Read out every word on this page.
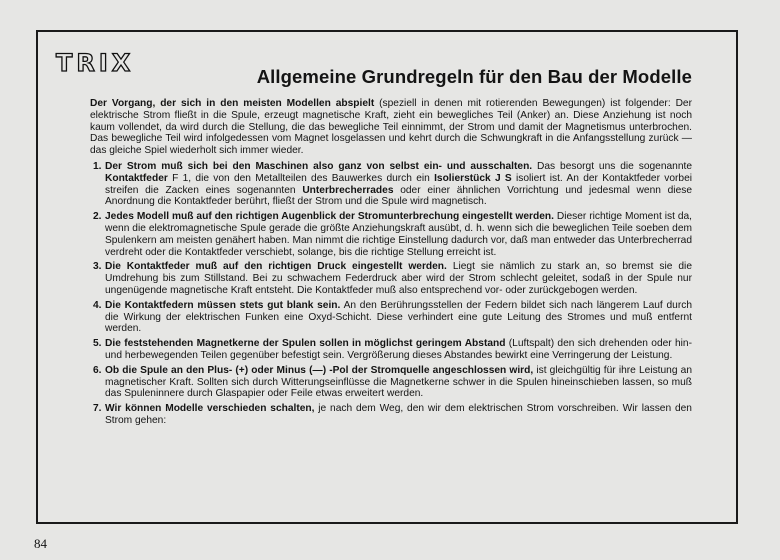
TRIX	Allgemeine Grundregeln für den Bau der Modelle

Der Vorgang, der sich in den meisten Modellen abspielt (speziell in denen mit rotierenden Bewegungen) ist folgender: Der elektrische Strom fließt in die Spule, erzeugt magnetische Kraft, zieht ein bewegliches Teil (Anker) an. Diese Anziehung ist noch kaum vollendet, da wird durch die Stellung, die das bewegliche Teil einnimmt, der Strom und damit der Magnetismus unterbrochen. Das bewegliche Teil wird infolgedessen vom Magnet losgelassen und kehrt durch die Schwungkraft in die Anfangsstellung zurück — das gleiche Spiel wiederholt sich immer wieder.

1. Der Strom muß sich bei den Maschinen also ganz von selbst ein- und ausschalten. Das besorgt uns die sogenannte Kontaktfeder F 1, die von den Metallteilen des Bauwerkes durch ein Isolierstück J S isoliert ist. An der Kontaktfeder vorbei streifen die Zacken eines sogenannten Unterbrecherrades oder einer ähnlichen Vorrichtung und jedesmal wenn diese Anordnung die Kontaktfeder berührt, fließt der Strom und die Spule wird magnetisch.
2. Jedes Modell muß auf den richtigen Augenblick der Stromunterbrechung eingestellt werden. Dieser richtige Moment ist da, wenn die elektromagnetische Spule gerade die größte Anziehungskraft ausübt, d. h. wenn sich die beweglichen Teile soeben dem Spulenkern am meisten genähert haben. Man nimmt die richtige Einstellung dadurch vor, daß man entweder das Unterbrecherrad verdreht oder die Kontaktfeder verschiebt, solange, bis die richtige Stellung erreicht ist.
3. Die Kontaktfeder muß auf den richtigen Druck eingestellt werden. Liegt sie nämlich zu stark an, so bremst sie die Umdrehung bis zum Stillstand. Bei zu schwachem Federdruck aber wird der Strom schlecht geleitet, sodaß in der Spule nur ungenügende magnetische Kraft entsteht. Die Kontaktfeder muß also entsprechend vor- oder zurückgebogen werden.
4. Die Kontaktfedern müssen stets gut blank sein. An den Berührungsstellen der Federn bildet sich nach längerem Lauf durch die Wirkung der elektrischen Funken eine Oxyd-Schicht. Diese verhindert eine gute Leitung des Stromes und muß entfernt werden.
5. Die feststehenden Magnetkerne der Spulen sollen in möglichst geringem Abstand (Luftspalt) den sich drehenden oder hin- und herbewegenden Teilen gegenüber befestigt sein. Vergrößerung dieses Abstandes bewirkt eine Verringerung der Leistung.
6. Ob die Spule an den Plus- (+) oder Minus (—) -Pol der Stromquelle angeschlossen wird, ist gleichgültig für ihre Leistung an magnetischer Kraft. Sollten sich durch Witterungseinflüsse die Magnetkerne schwer in die Spulen hineinschieben lassen, so muß das Spuleninnere durch Glaspapier oder Feile etwas erweitert werden.
7. Wir können Modelle verschieden schalten, je nach dem Weg, den wir dem elektrischen Strom vorschreiben. Wir lassen den Strom gehen:
84
